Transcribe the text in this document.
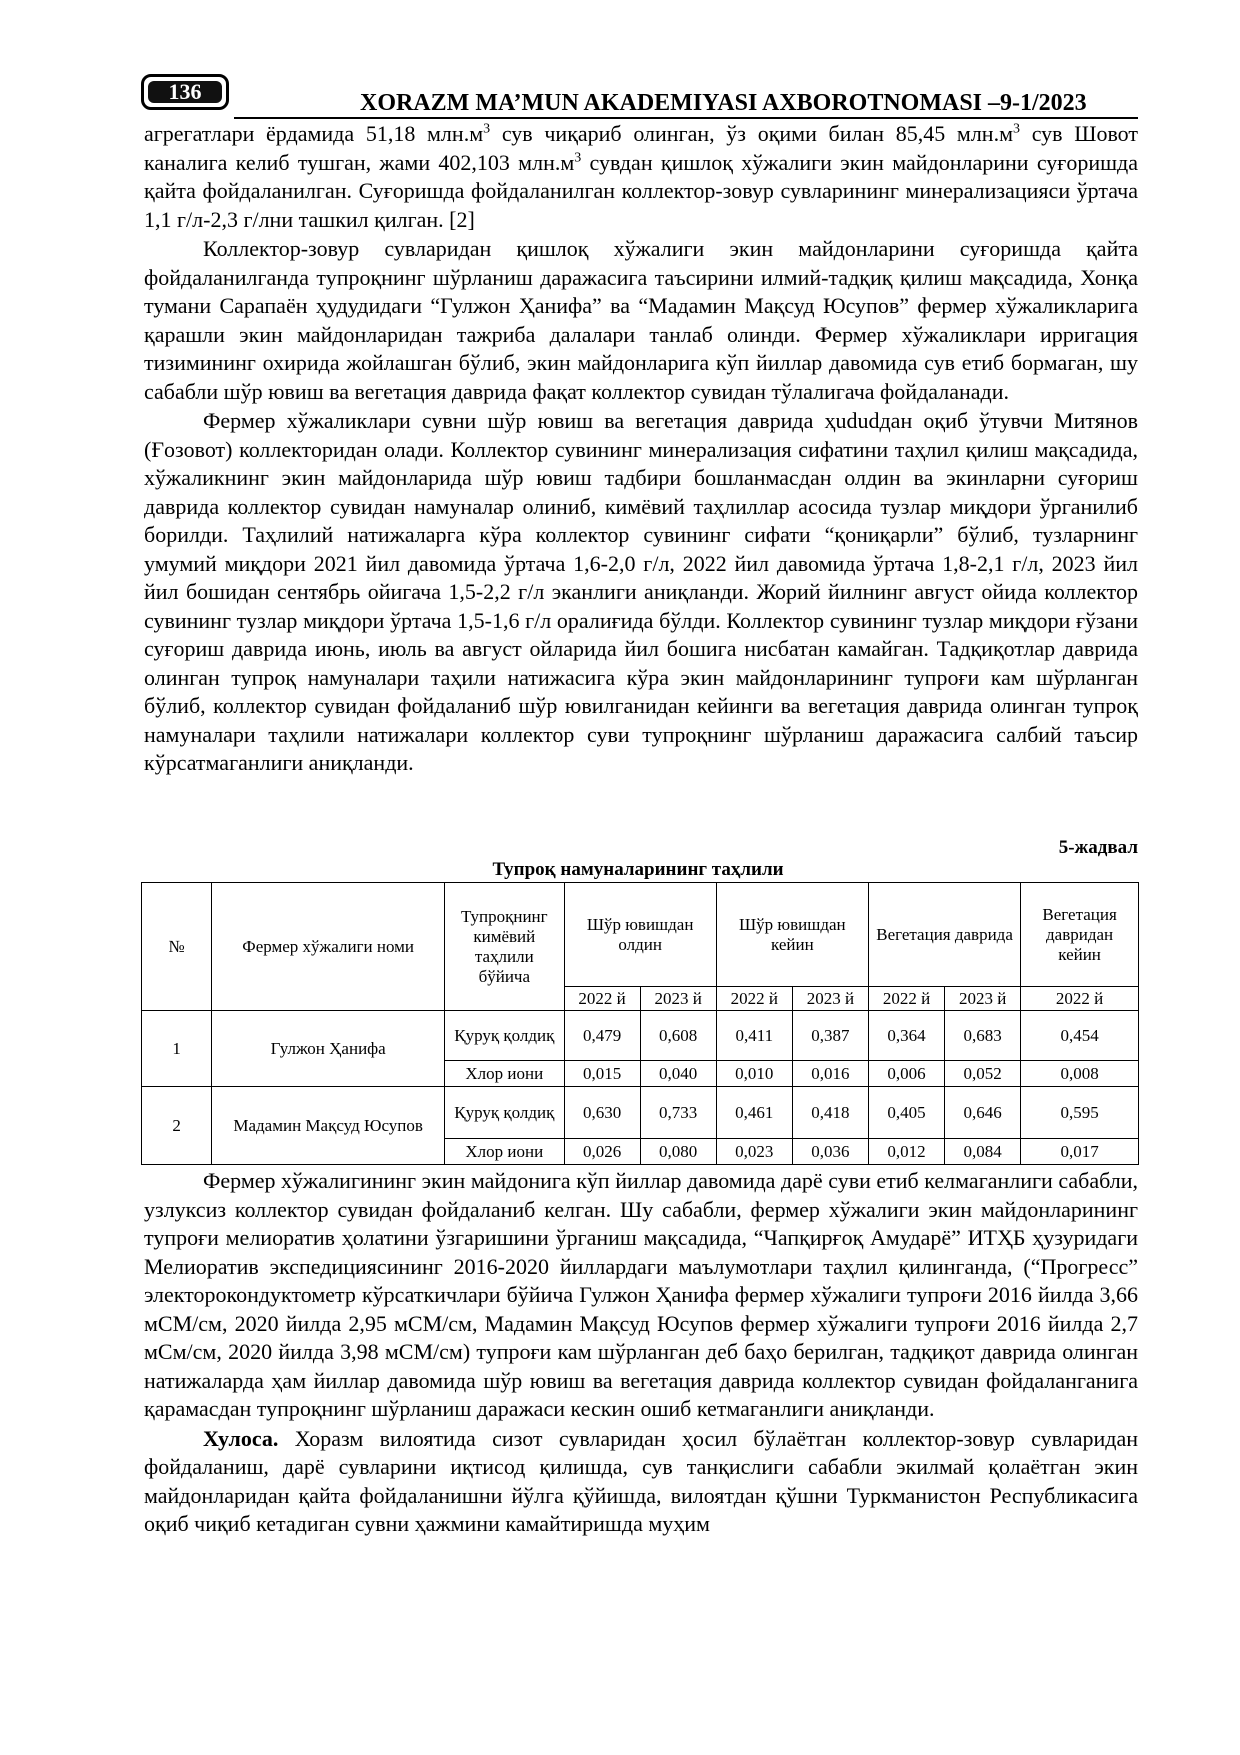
136	XORAZM MA’MUN AKADEMIYASI AXBOROTNOMASI –9-1/2023

агрегатлари ёрдамида 51,18 $млн.м^3$ сув чиқариб олинган, ўз оқими билан 85,45 $млн.м^3$ сув Шовот каналига келиб тушган, жами 402,103 $млн.м^3$ сувдан қишлоқ хўжалиги экин майдонларини суғоришда қайта фойдаланилган. Суғоришда фойдаланилган коллектор-зовур сувларининг минерализацияси ўртача 1,1 г/л-2,3 г/лни ташкил қилган. [2]

Коллектор-зовур сувларидан қишлоқ хўжалиги экин майдонларини суғоришда қайта фойдаланилганда тупроқнинг шўрланиш даражасига таъсирини илмий-тадқиқ қилиш мақсадида, Хонқа тумани Сарапаён ҳудудидаги “Гулжон Ҳанифа” ва “Мадамин Мақсуд Юсупов” фермер хўжаликларига қарашли экин майдонларидан тажриба далалари танлаб олинди. Фермер хўжаликлари ирригация тизимининг охирида жойлашган бўлиб, экин майдонларига кўп йиллар давомида сув етиб бормаган, шу сабабли шўр ювиш ва вегетация даврида фақат коллектор сувидан тўлалигача фойдаланади.

Фермер хўжаликлари сувни шўр ювиш ва вегетация даврида ҳududдан оқиб ўтувчи Митянов (Ғозовот) коллекторидан олади. Коллектор сувининг минерализация сифатини таҳлил қилиш мақсадида, хўжаликнинг экин майдонларида шўр ювиш тадбири бошланмасдан олдин ва экинларни суғориш даврида коллектор сувидан намуналар олиниб, кимёвий таҳлиллар асосида тузлар миқдори ўрганилиб борилди. Таҳлилий натижаларга кўра коллектор сувининг сифати “қониқарли” бўлиб, тузларнинг умумий миқдори 2021 йил давомида ўртача 1,6-2,0 г/л, 2022 йил давомида ўртача 1,8-2,1 г/л, 2023 йил йил бошидан сентябрь ойигача 1,5-2,2 г/л эканлиги аниқланди. Жорий йилнинг август ойида коллектор сувининг тузлар миқдори ўртача 1,5-1,6 г/л оралиғида бўлди. Коллектор сувининг тузлар миқдори ғўзани суғориш даврида июнь, июль ва август ойларида йил бошига нисбатан камайган. Тадқиқотлар даврида олинган тупроқ намуналари таҳили натижасига кўра экин майдонларининг тупроғи кам шўрланган бўлиб, коллектор сувидан фойдаланиб шўр ювилганидан кейинги ва вегетация даврида олинган тупроқ намуналари таҳлили натижалари коллектор суви тупроқнинг шўрланиш даражасига салбий таъсир кўрсатмаганлиги аниқланди.

5-жадвал
Тупроқ намуналарининг таҳлили
№	Фермер хўжалиги номи	Тупроқнинг кимёвий таҳлили бўйича	Шўр ювишдан олдин		Шўр ювишдан кейин		Вегетация даврида		Вегетация давридан кейин
			2022 й	2023 й	2022 й	2023 й	2022 й	2023 й	2022 й
1	Гулжон Ҳанифа	Қуруқ қолдиқ	0,479	0,608	0,411	0,387	0,364	0,683	0,454
		Хлор иони	0,015	0,040	0,010	0,016	0,006	0,052	0,008
2	Мадамин Мақсуд Юсупов	Қуруқ қолдиқ	0,630	0,733	0,461	0,418	0,405	0,646	0,595
		Хлор иони	0,026	0,080	0,023	0,036	0,012	0,084	0,017

Фермер хўжалигининг экин майдонига кўп йиллар давомида дарё суви етиб келмаганлиги сабабли, узлуксиз коллектор сувидан фойдаланиб келган. Шу сабабли, фермер хўжалиги экин майдонларининг тупроғи мелиоратив ҳолатини ўзгаришини ўрганиш мақсадида, “Чапқирғоқ Амударё” ИТҲБ ҳузуридаги Мелиоратив экспедициясининг 2016-2020 йиллардаги маълумотлари таҳлил қилинганда, (“Прогресс” электорокондуктометр кўрсаткичлари бўйича Гулжон Ҳанифа фермер хўжалиги тупроғи 2016 йилда 3,66 мСМ/см, 2020 йилда 2,95 мСМ/см, Мадамин Мақсуд Юсупов фермер хўжалиги тупроғи 2016 йилда 2,7 мСм/см, 2020 йилда 3,98 мСМ/см) тупроғи кам шўрланган деб баҳо берилган, тадқиқот даврида олинган натижаларда ҳам йиллар давомида шўр ювиш ва вегетация даврида коллектор сувидан фойдаланганига қарамасдан тупроқнинг шўрланиш даражаси кескин ошиб кетмаганлиги аниқланди.

Хулоса. Хоразм вилоятида сизот сувларидан ҳосил бўлаётган коллектор-зовур сувларидан фойдаланиш, дарё сувларини иқтисод қилишда, сув танқислиги сабабли экилмай қолаётган экин майдонларидан қайта фойдаланишни йўлга қўйишда, вилоятдан қўшни Туркманистон Республикасига оқиб чиқиб кетадиган сувни ҳажмини камайтиришда муҳим
